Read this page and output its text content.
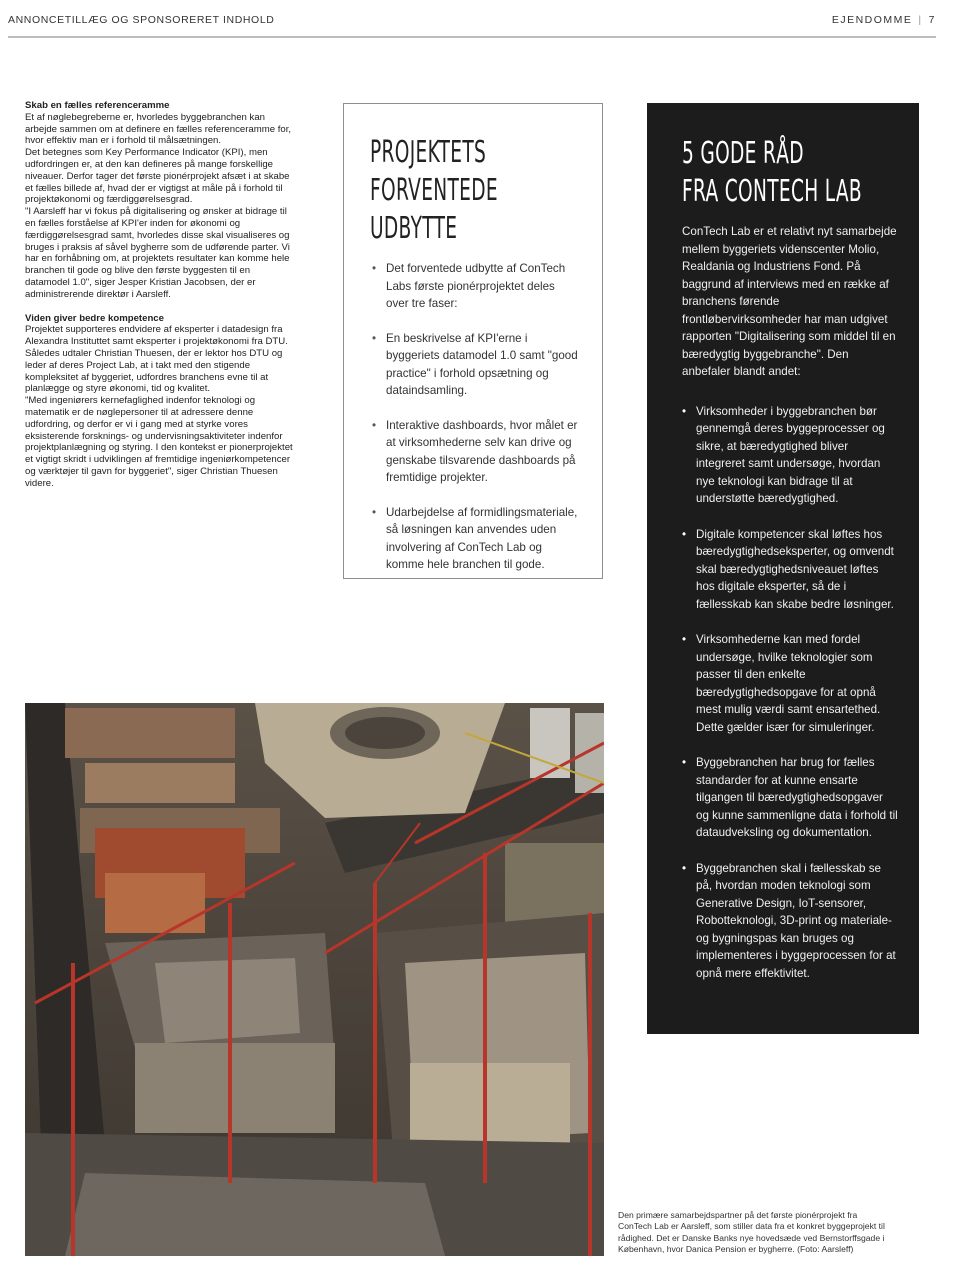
ANNONCETILLÆG OG SPONSORERET INDHOLD	EJENDOMME | 7
Skab en fælles referenceramme

Et af nøglebegreberne er, hvorledes byggebranchen kan arbejde sammen om at definere en fælles referenceramme for, hvor effektiv man er i forhold til målsætningen.

Det betegnes som Key Performance Indicator (KPI), men udfordringen er, at den kan defineres på mange forskellige niveauer. Derfor tager det første pionérprojekt afsæt i at skabe et fælles billede af, hvad der er vigtigst at måle på i forhold til projektøkonomi og færdiggørelsesgrad.

"I Aarsleff har vi fokus på digitalisering og ønsker at bidrage til en fælles forståelse af KPI'er inden for økonomi og færdiggørelsesgrad samt, hvorledes disse skal visualiseres og bruges i praksis af såvel bygherre som de udførende parter. Vi har en forhåbning om, at projektets resultater kan komme hele branchen til gode og blive den første byggesten til en datamodel 1.0", siger Jesper Kristian Jacobsen, der er administrerende direktør i Aarsleff.

Viden giver bedre kompetence

Projektet supporteres endvidere af eksperter i datadesign fra Alexandra Instituttet samt eksperter i projektøkonomi fra DTU.

Således udtaler Christian Thuesen, der er lektor hos DTU og leder af deres Project Lab, at i takt med den stigende kompleksitet af byggeriet, udfordres branchens evne til at planlægge og styre økonomi, tid og kvalitet.

"Med ingeniørers kernefaglighed indenfor teknologi og matematik er de nøglepersoner til at adressere denne udfordring, og derfor er vi i gang med at styrke vores eksisterende forsknings- og undervisningsaktiviteter indenfor projektplanlægning og styring. I den kontekst er pionerprojektet et vigtigt skridt i udviklingen af fremtidige ingeniørkompetencer og værktøjer til gavn for byggeriet", siger Christian Thuesen videre.

PROJEKTETS
FORVENTEDE UDBYTTE
• Det forventede udbytte af ConTech Labs første pionérprojektet deles over tre faser:
• En beskrivelse af KPI'erne i byggeriets datamodel 1.0 samt "good practice" i forhold opsætning og dataindsamling.
• Interaktive dashboards, hvor målet er at virksomhederne selv kan drive og genskabe tilsvarende dashboards på fremtidige projekter.
• Udarbejdelse af formidlingsmateriale, så løsningen kan anvendes uden involvering af ConTech Lab og komme hele branchen til gode.
5 GODE RÅD
FRA CONTECH LAB

ConTech Lab er et relativt nyt samarbejde mellem byggeriets videnscenter Molio, Realdania og Industriens Fond. På baggrund af interviews med en række af branchens førende frontløbervirksomheder har man udgivet rapporten "Digitalisering som middel til en bæredygtig byggebranche". Den anbefaler blandt andet:

• Virksomheder i byggebranchen bør gennemgå deres byggeprocesser og sikre, at bæredygtighed bliver integreret samt undersøge, hvordan nye teknologi kan bidrage til at understøtte bæredygtighed.
• Digitale kompetencer skal løftes hos bæredygtighedseksperter, og omvendt skal bæredygtighedsniveauet løftes hos digitale eksperter, så de i fællesskab kan skabe bedre løsninger.
• Virksomhederne kan med fordel undersøge, hvilke teknologier som passer til den enkelte bæredygtighedsopgave for at opnå mest mulig værdi samt ensartethed. Dette gælder især for simuleringer.
• Byggebranchen har brug for fælles standarder for at kunne ensarte tilgangen til bæredygtighedsopgaver og kunne sammenligne data i forhold til dataudveksling og dokumentation.
• Byggebranchen skal i fællesskab se på, hvordan moden teknologi som Generative Design, IoT-sensorer, Robotteknologi, 3D-print og materiale- og bygningspas kan bruges og implementeres i byggeprocessen for at opnå mere effektivitet.
Den primære samarbejdspartner på det første pionérprojekt fra ConTech Lab er Aarsleff, som stiller data fra et konkret byggeprojekt til rådighed. Det er Danske Banks nye hovedsæde ved Bernstorffsgade i København, hvor Danica Pension er bygherre. (Foto: Aarsleff)
